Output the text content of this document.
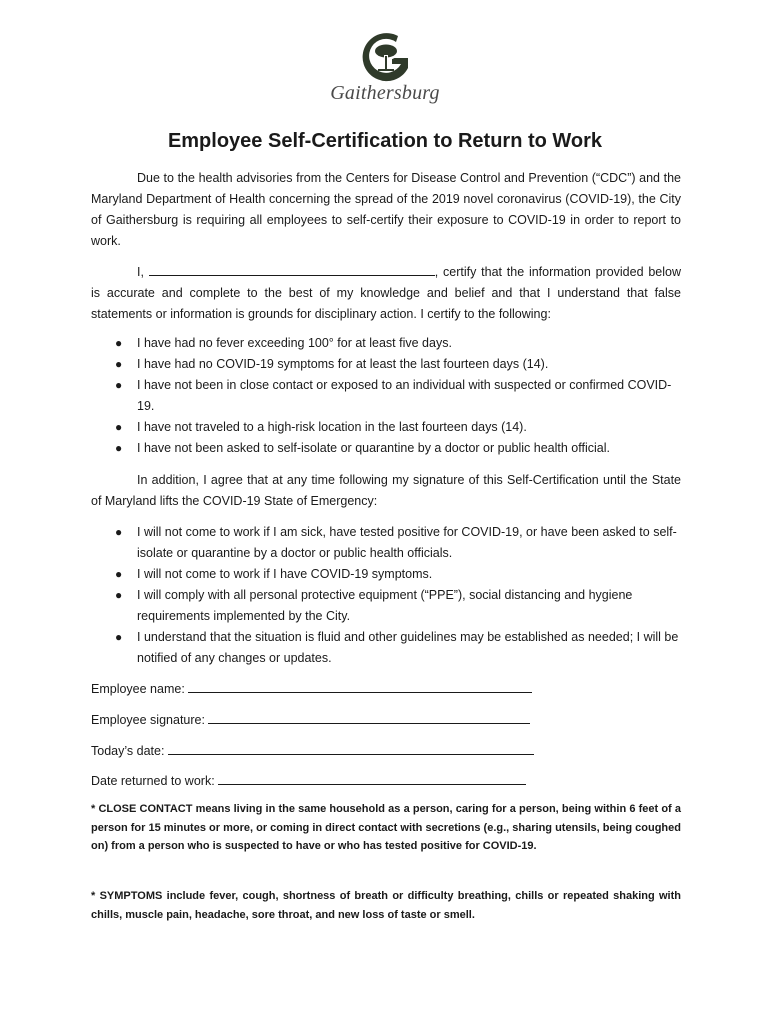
Gaithersburg
Employee Self-Certification to Return to Work

Due to the health advisories from the Centers for Disease Control and Prevention (“CDC”) and the Maryland Department of Health concerning the spread of the 2019 novel coronavirus (COVID-19), the City of Gaithersburg is requiring all employees to self-certify their exposure to COVID-19 in order to report to work.

I,	, certify that the information provided below is accurate and complete to the best of my knowledge and belief and that I understand that false statements or information is grounds for disciplinary action. I certify to the following:

● I have had no fever exceeding 100° for at least five days.
● I have had no COVID-19 symptoms for at least the last fourteen days (14).
● I have not been in close contact or exposed to an individual with suspected or confirmed COVID-19.
● I have not traveled to a high-risk location in the last fourteen days (14).
● I have not been asked to self-isolate or quarantine by a doctor or public health official.

In addition, I agree that at any time following my signature of this Self-Certification until the State of Maryland lifts the COVID-19 State of Emergency:

● I will not come to work if I am sick, have tested positive for COVID-19, or have been asked to self-isolate or quarantine by a doctor or public health officials.
● I will not come to work if I have COVID-19 symptoms.
● I will comply with all personal protective equipment (“PPE”), social distancing and hygiene requirements implemented by the City.
● I understand that the situation is fluid and other guidelines may be established as needed; I will be notified of any changes or updates.
Employee name:
Employee signature:
Today’s date:
Date returned to work:

* CLOSE CONTACT means living in the same household as a person, caring for a person, being within 6 feet of a person for 15 minutes or more, or coming in direct contact with secretions (e.g., sharing utensils, being coughed on) from a person who is suspected to have or who has tested positive for COVID-19.

* SYMPTOMS include fever, cough, shortness of breath or difficulty breathing, chills or repeated shaking with chills, muscle pain, headache, sore throat, and new loss of taste or smell.
